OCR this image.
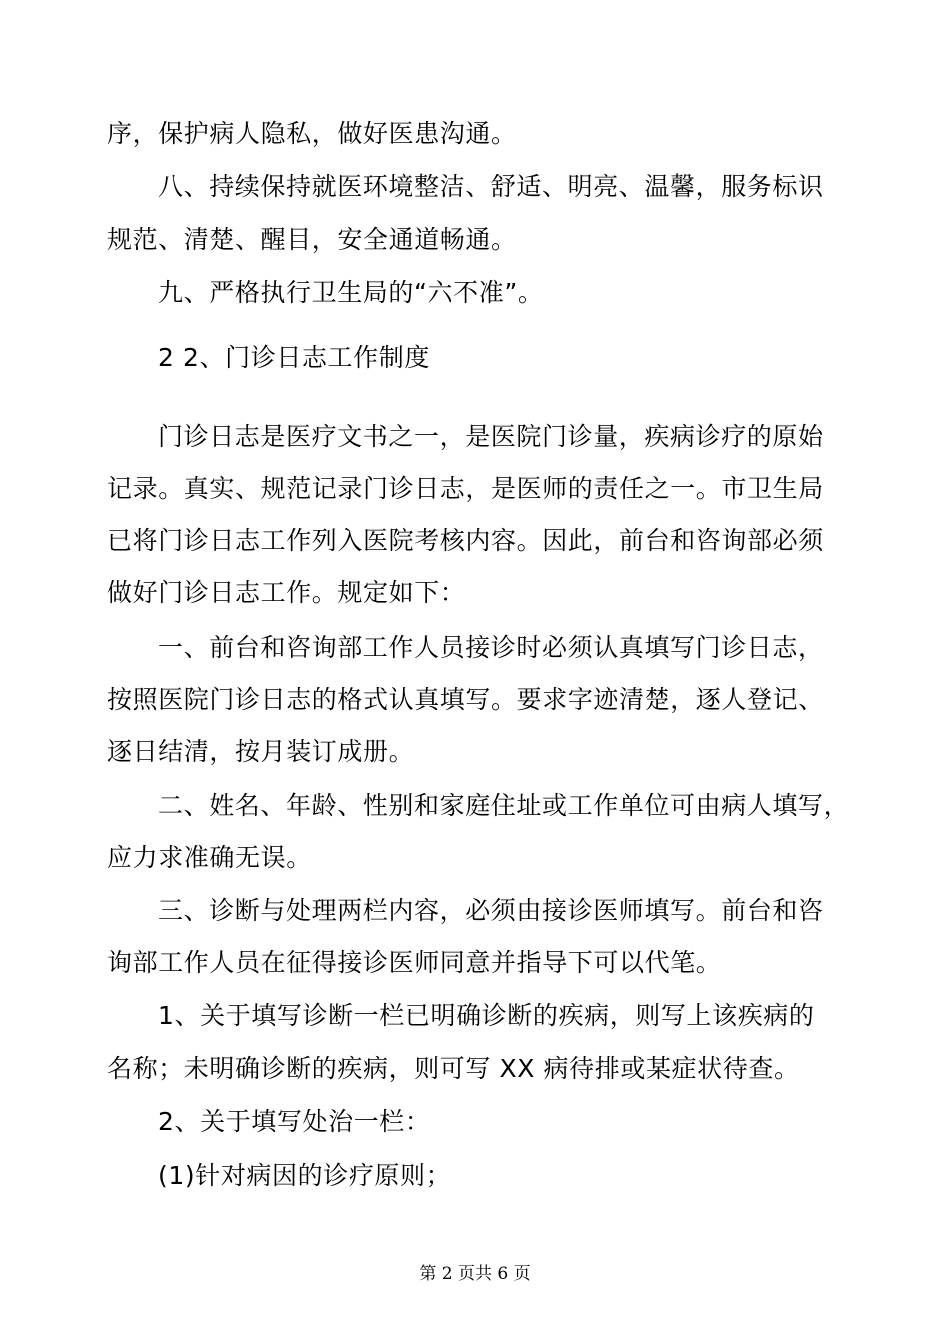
序，保护病人隐私，做好医患沟通。
八、持续保持就医环境整洁、舒适、明亮、温馨，服务标识
规范、清楚、醒目，安全通道畅通。
九、严格执行卫生局的“六不准”。
2 2、门诊日志工作制度
门诊日志是医疗文书之一，是医院门诊量，疾病诊疗的原始
记录。真实、规范记录门诊日志，是医师的责任之一。市卫生局
已将门诊日志工作列入医院考核内容。因此，前台和咨询部必须
做好门诊日志工作。规定如下：
一、前台和咨询部工作人员接诊时必须认真填写门诊日志，
按照医院门诊日志的格式认真填写。要求字迹清楚，逐人登记、
逐日结清，按月装订成册。
二、姓名、年龄、性别和家庭住址或工作单位可由病人填写，
应力求准确无误。
三、诊断与处理两栏内容，必须由接诊医师填写。前台和咨
询部工作人员在征得接诊医师同意并指导下可以代笔。
1、关于填写诊断一栏已明确诊断的疾病，则写上该疾病的
名称；未明确诊断的疾病，则可写 XX 病待排或某症状待查。
2、关于填写处治一栏：
(1)针对病因的诊疗原则；
第 2 页共 6 页
